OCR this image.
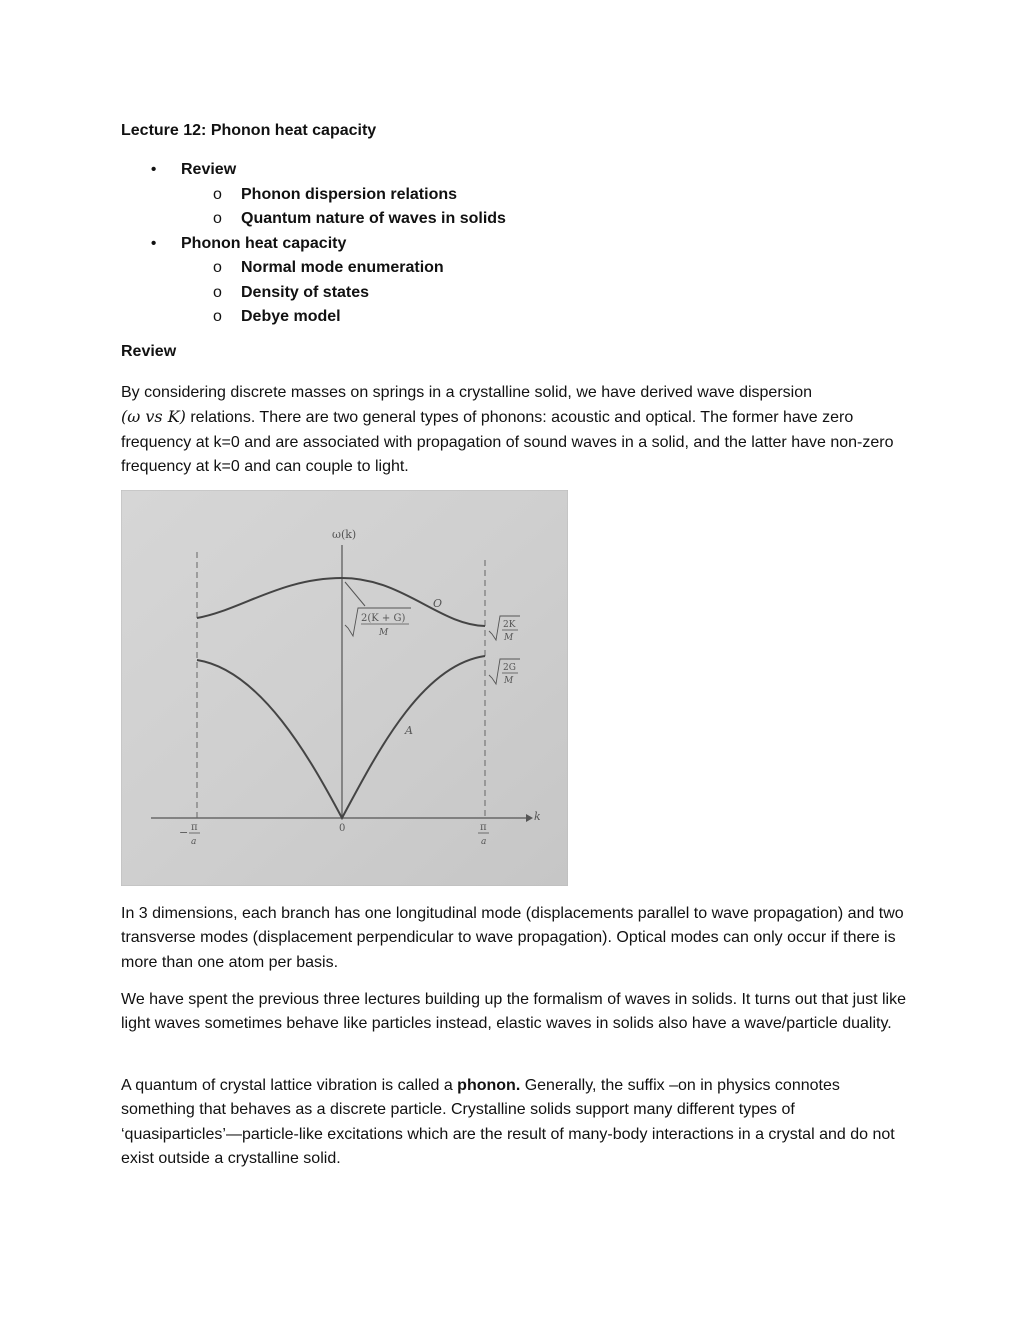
Lecture 12: Phonon heat capacity
• Review
o Phonon dispersion relations
o Quantum nature of waves in solids
• Phonon heat capacity
o Normal mode enumeration
o Density of states
o Debye model
Review

By considering discrete masses on springs in a crystalline solid, we have derived wave dispersion
(ω vs K) relations. There are two general types of phonons: acoustic and optical. The former have zero frequency at k=0 and are associated with propagation of sound waves in a solid, and the latter have non-zero frequency at k=0 and can couple to light.

ω(k)
k
O
A
0
− π
a
π
a
2(K + G)
M
2K
M
2G
M

In 3 dimensions, each branch has one longitudinal mode (displacements parallel to wave propagation) and two transverse modes (displacement perpendicular to wave propagation). Optical modes can only occur if there is more than one atom per basis.

We have spent the previous three lectures building up the formalism of waves in solids. It turns out that just like light waves sometimes behave like particles instead, elastic waves in solids also have a wave/particle duality.

A quantum of crystal lattice vibration is called a phonon. Generally, the suffix –on in physics connotes something that behaves as a discrete particle. Crystalline solids support many different types of ‘quasiparticles’—particle-like excitations which are the result of many-body interactions in a crystal and do not exist outside a crystalline solid.
